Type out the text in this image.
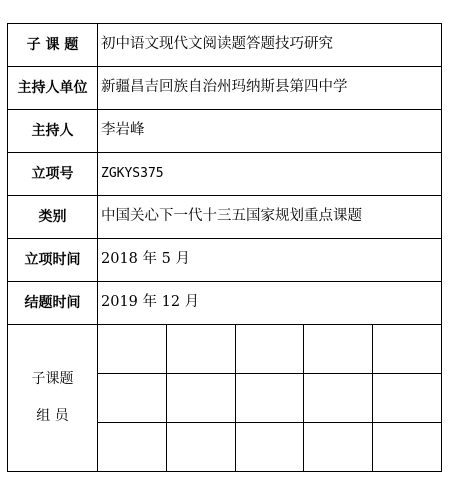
子 课 题	初中语文现代文阅读题答题技巧研究				
主持人单位	新疆昌吉回族自治州玛纳斯县第四中学				
主持人	李岩峰				
立项号	ZGKYS375				
类别	中国关心下一代十三五国家规划重点课题				
立项时间	2018 年 5 月				
结题时间	2019 年 12 月				

子课题
组 员					
